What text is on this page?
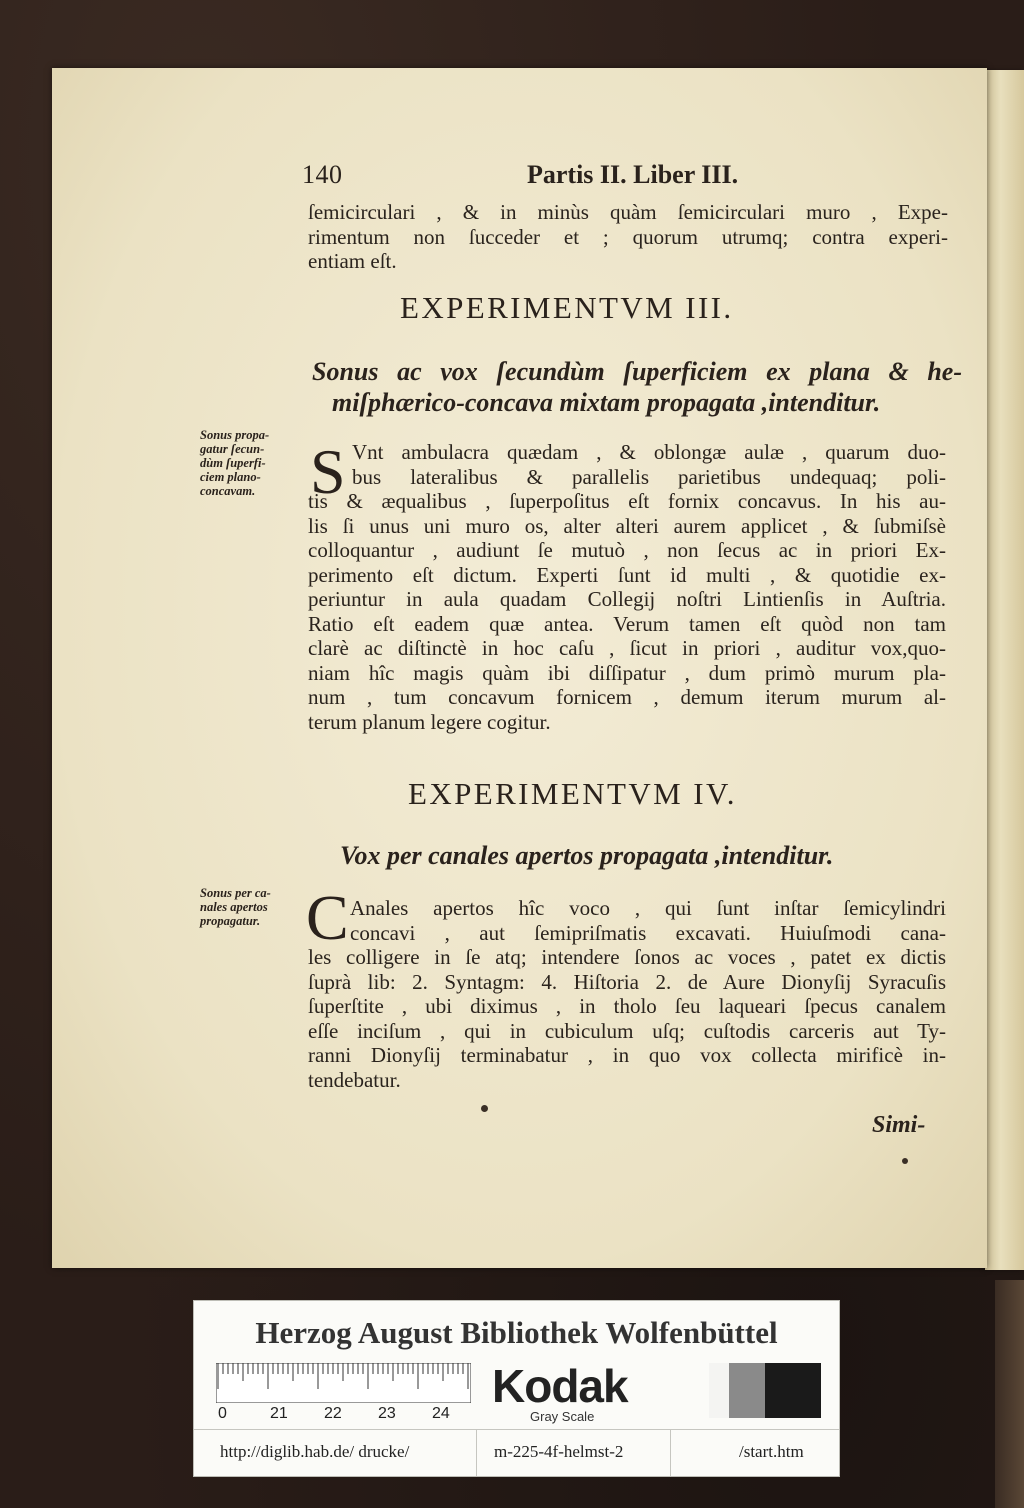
140	Partis II. Liber III.
ſemicirculari , & in minùs quàm ſemicirculari muro , Expe-
rimentum non ſucceder et ; quorum utrumq; contra experi-
entiam eſt.
EXPERIMENTVM III.
Sonus ac vox ſecundùm ſuperficiem ex plana & he-
miſphærico-concava mixtam propagata ,intenditur.
Sonus propa-
gatur ſecun-
dùm ſuperfi-
ciem plano-
concavam. S Vnt ambulacra quædam , & oblongæ aulæ , quarum duo-
bus lateralibus & parallelis parietibus undequaq; poli-
tis & æqualibus , ſuperpoſitus eſt fornix concavus. In his au-
lis ſi unus uni muro os, alter alteri aurem applicet , & ſubmiſsè
colloquantur , audiunt ſe mutuò , non ſecus ac in priori Ex-
perimento eſt dictum. Experti ſunt id multi , & quotidie ex-
periuntur in aula quadam Collegij noſtri Lintienſis in Auſtria.
Ratio eſt eadem quæ antea. Verum tamen eſt quòd non tam
clarè ac diſtinctè in hoc caſu , ſicut in priori , auditur vox,quo-
niam hîc magis quàm ibi diſſipatur , dum primò murum pla-
num , tum concavum fornicem , demum iterum murum al-
terum planum legere cogitur.
EXPERIMENTVM IV.
Vox per canales apertos propagata ,intenditur.
Sonus per ca-
nales apertos
propagatur. C Anales apertos hîc voco , qui ſunt inſtar ſemicylindri
concavi , aut ſemipriſmatis excavati. Huiuſmodi cana-
les colligere in ſe atq; intendere ſonos ac voces , patet ex dictis
ſuprà lib: 2. Syntagm: 4. Hiſtoria 2. de Aure Dionyſij Syracuſis
ſuperſtite , ubi diximus , in tholo ſeu laqueari ſpecus canalem
eſſe inciſum , qui in cubiculum uſq; cuſtodis carceris aut Ty-
ranni Dionyſij terminabatur , in quo vox collecta mirificè in-
tendebatur.
Simi-
Herzog August Bibliothek Wolfenbüttel
0	21 22 23 24
Kodak
Gray Scale
http://diglib.hab.de/ drucke/	m-225-4f-helmst-2	/start.htm
